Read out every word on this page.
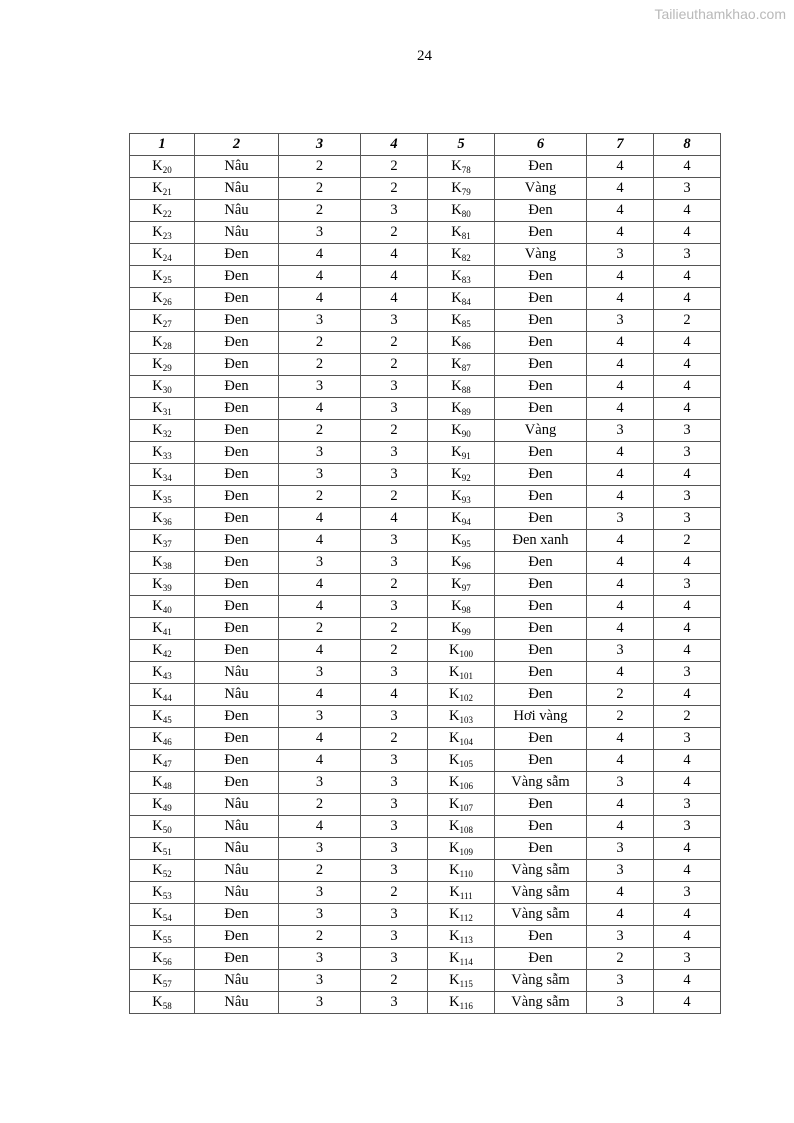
Tailieuthamkhao.com
24
1	2	3	4	5	6	7	8
$K_{20}$	Nâu	2	2	$K_{78}$	Đen	4	4
$K_{21}$	Nâu	2	2	$K_{79}$	Vàng	4	3
$K_{22}$	Nâu	2	3	$K_{80}$	Đen	4	4
$K_{23}$	Nâu	3	2	$K_{81}$	Đen	4	4
$K_{24}$	Đen	4	4	$K_{82}$	Vàng	3	3
$K_{25}$	Đen	4	4	$K_{83}$	Đen	4	4
$K_{26}$	Đen	4	4	$K_{84}$	Đen	4	4
$K_{27}$	Đen	3	3	$K_{85}$	Đen	3	2
$K_{28}$	Đen	2	2	$K_{86}$	Đen	4	4
$K_{29}$	Đen	2	2	$K_{87}$	Đen	4	4
$K_{30}$	Đen	3	3	$K_{88}$	Đen	4	4
$K_{31}$	Đen	4	3	$K_{89}$	Đen	4	4
$K_{32}$	Đen	2	2	$K_{90}$	Vàng	3	3
$K_{33}$	Đen	3	3	$K_{91}$	Đen	4	3
$K_{34}$	Đen	3	3	$K_{92}$	Đen	4	4
$K_{35}$	Đen	2	2	$K_{93}$	Đen	4	3
$K_{36}$	Đen	4	4	$K_{94}$	Đen	3	3
$K_{37}$	Đen	4	3	$K_{95}$	Đen xanh	4	2
$K_{38}$	Đen	3	3	$K_{96}$	Đen	4	4
$K_{39}$	Đen	4	2	$K_{97}$	Đen	4	3
$K_{40}$	Đen	4	3	$K_{98}$	Đen	4	4
$K_{41}$	Đen	2	2	$K_{99}$	Đen	4	4
$K_{42}$	Đen	4	2	$K_{100}$	Đen	3	4
$K_{43}$	Nâu	3	3	$K_{101}$	Đen	4	3
$K_{44}$	Nâu	4	4	$K_{102}$	Đen	2	4
$K_{45}$	Đen	3	3	$K_{103}$	Hơi vàng	2	2
$K_{46}$	Đen	4	2	$K_{104}$	Đen	4	3
$K_{47}$	Đen	4	3	$K_{105}$	Đen	4	4
$K_{48}$	Đen	3	3	$K_{106}$	Vàng sẫm	3	4
$K_{49}$	Nâu	2	3	$K_{107}$	Đen	4	3
$K_{50}$	Nâu	4	3	$K_{108}$	Đen	4	3
$K_{51}$	Nâu	3	3	$K_{109}$	Đen	3	4
$K_{52}$	Nâu	2	3	$K_{110}$	Vàng sẫm	3	4
$K_{53}$	Nâu	3	2	$K_{111}$	Vàng sẫm	4	3
$K_{54}$	Đen	3	3	$K_{112}$	Vàng sẫm	4	4
$K_{55}$	Đen	2	3	$K_{113}$	Đen	3	4
$K_{56}$	Đen	3	3	$K_{114}$	Đen	2	3
$K_{57}$	Nâu	3	2	$K_{115}$	Vàng sẫm	3	4
$K_{58}$	Nâu	3	3	$K_{116}$	Vàng sẫm	3	4
